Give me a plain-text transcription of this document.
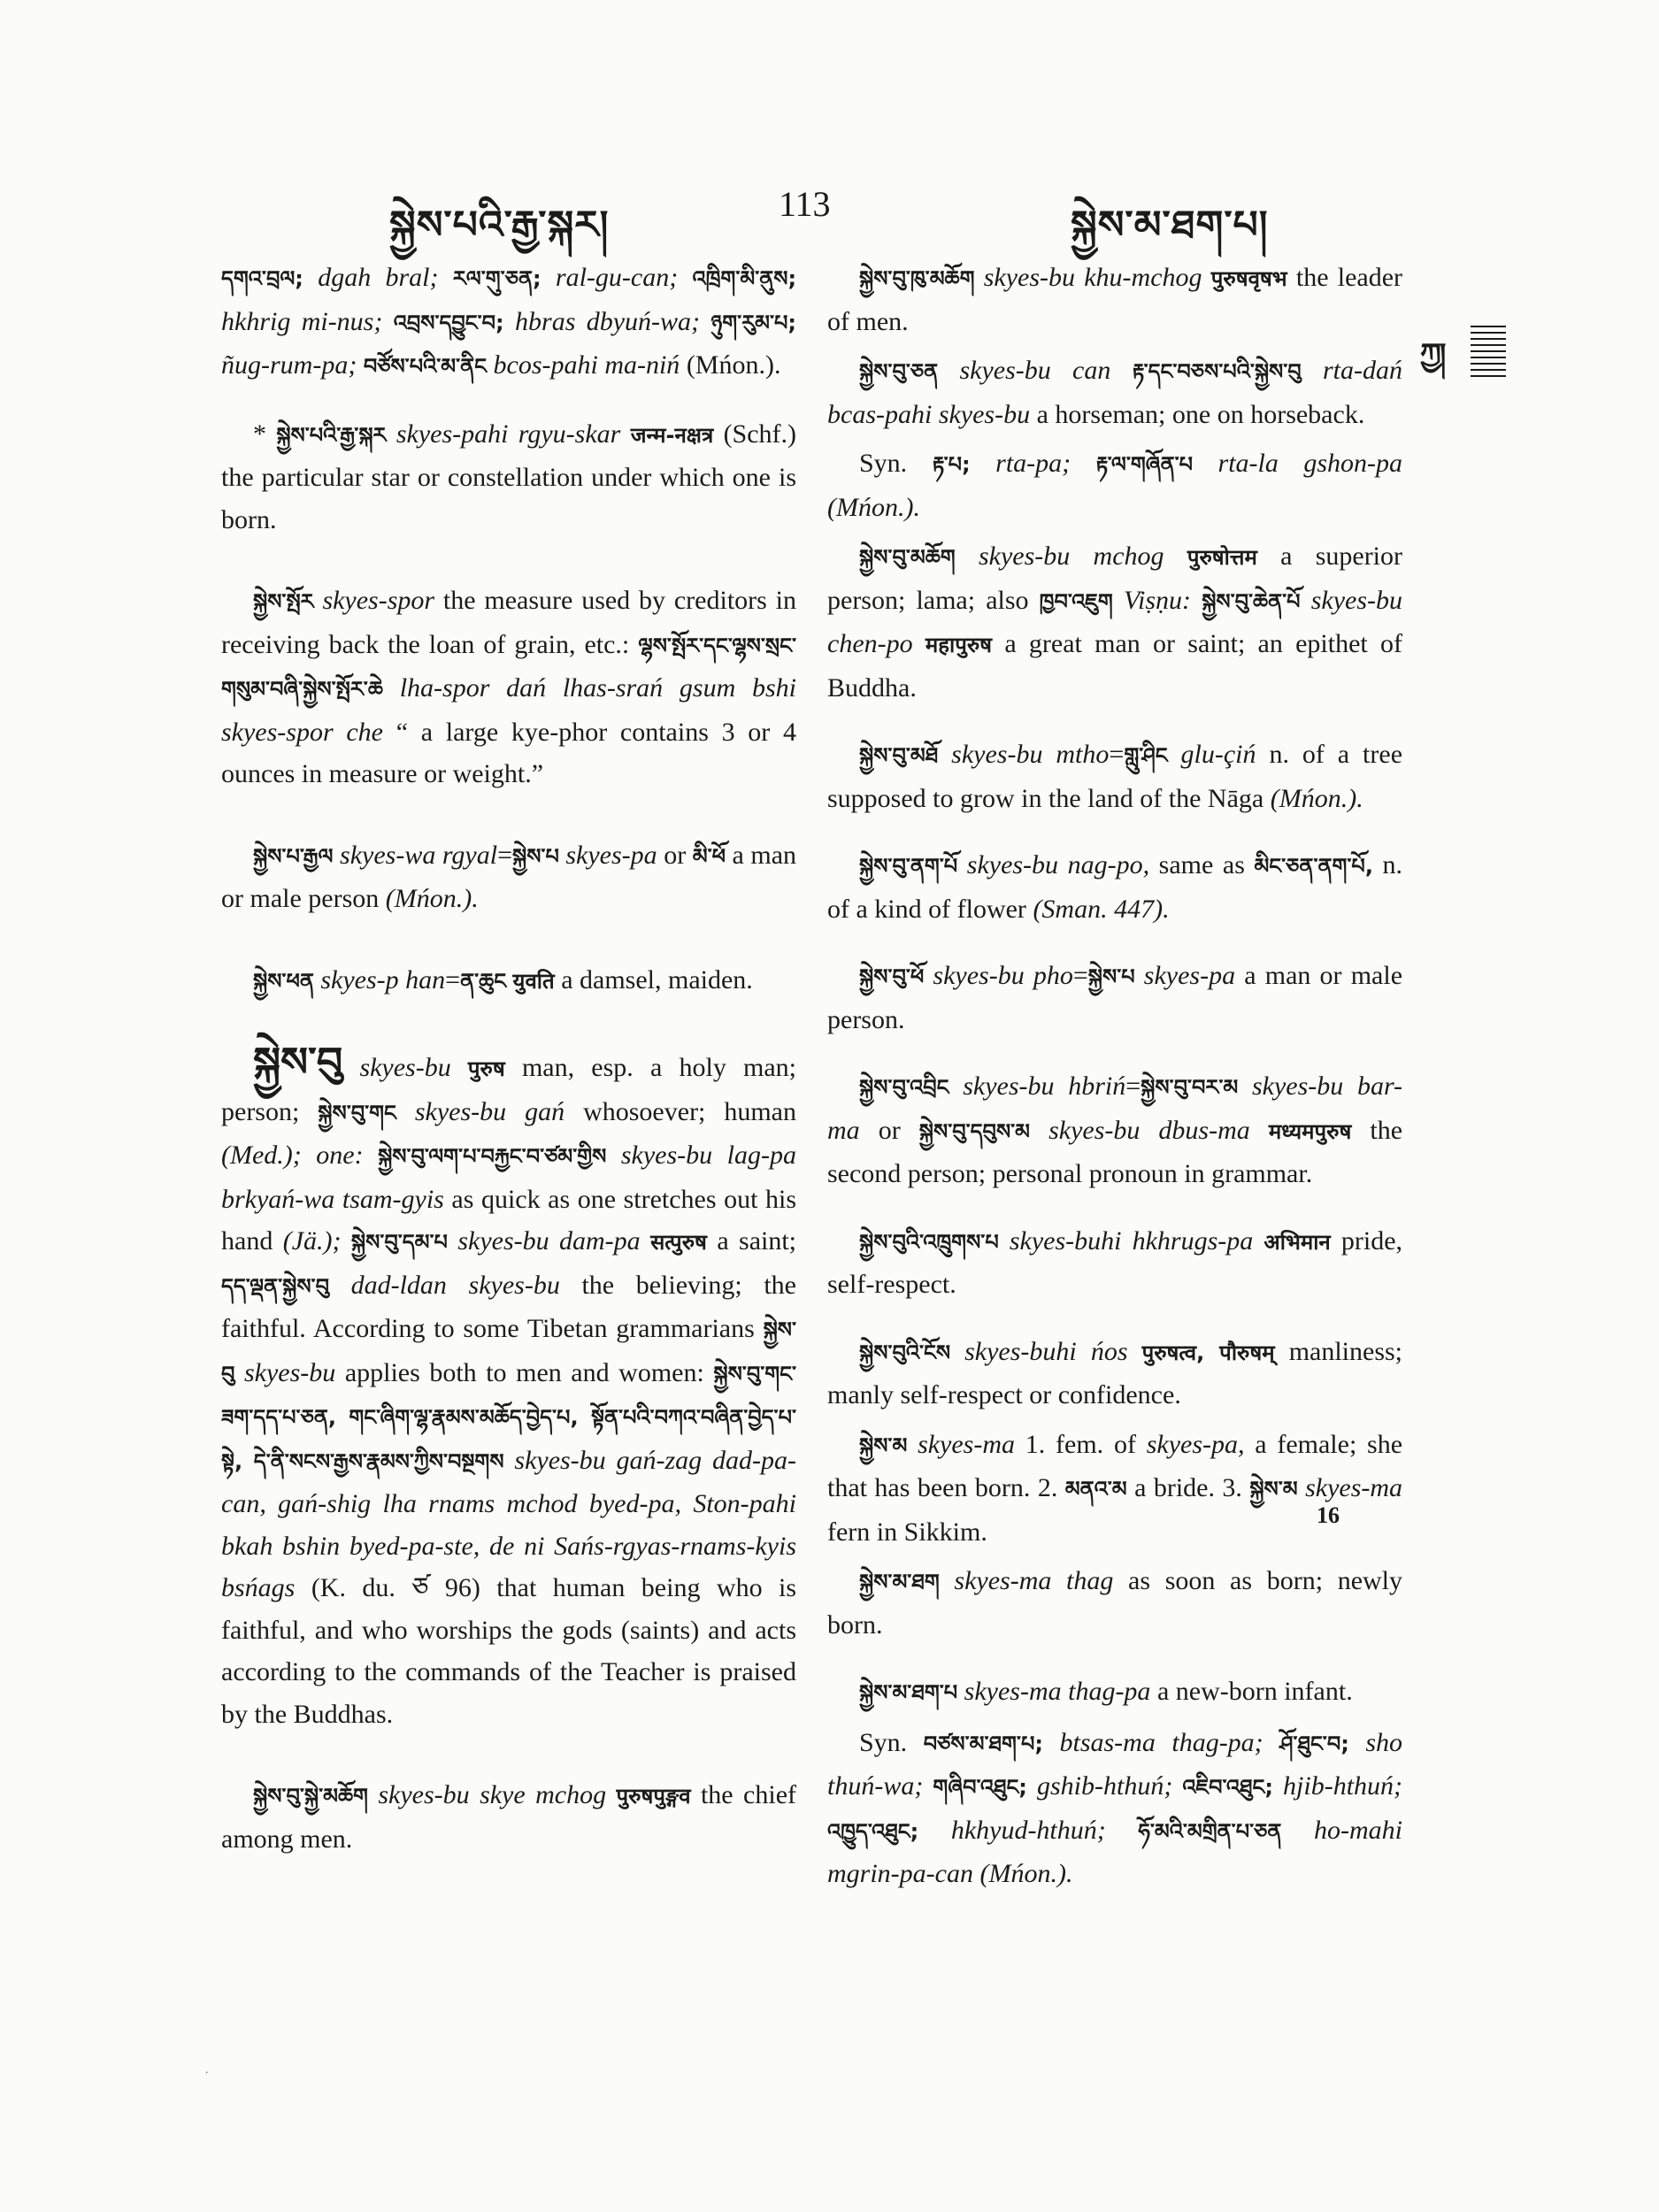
སྐྱེས་པའི་རྒྱ་སྐར།	113	སྐྱེས་མ་ཐག་པ།
ཀྱ།

དགའ་བྲལ; dgah bral; རལ་གུ་ཅན; ral-gu-can; འཁྲིག་མི་ནུས; hkhrig mi-nus; འབྲས་དབྱུང་བ; hbras dbyuń-wa; ཉུག་རུམ་པ; ñug-rum-pa; བཙོས་པའི་མ་ནིང bcos-pahi ma-niń (Mńon.).

* སྐྱེས་པའི་རྒྱ་སྐར skyes-pahi rgyu-skar जन्म-नक्षत्र (Schf.) the particular star or constellation under which one is born.

སྐྱེས་སྤོར skyes-spor the measure used by creditors in receiving back the loan of grain, etc.: ལྷས་སྤོར་དང་ལྷས་སྲང་གསུམ་བཞི་སྐྱེས་སྤོར་ཆེ lha-spor dań lhas-srań gsum bshi skyes-spor che “ a large kye-phor contains 3 or 4 ounces in measure or weight.”

སྐྱེས་པ་རྒྱལ skyes-wa rgyal=སྐྱེས་པ skyes-pa or མི་ཕོ a man or male person (Mńon.).

སྐྱེས་ཕན skyes-p han=ན་ཆུང युवति a damsel, maiden.

སྐྱེས་བུ skyes-bu पुरुष man, esp. a holy man; person; སྐྱེས་བུ་གང skyes-bu gań whosoever; human (Med.); one: སྐྱེས་བུ་ལག་པ་བརྐྱང་བ་ཙམ་གྱིས skyes-bu lag-pa brkyań-wa tsam-gyis as quick as one stretches out his hand (Jä.); སྐྱེས་བུ་དམ་པ skyes-bu dam-pa सत्पुरुष a saint; དད་ལྡན་སྐྱེས་བུ dad-ldan skyes-bu the believing; the faithful. According to some Tibetan grammarians སྐྱེས་བུ skyes-bu applies both to men and women: སྐྱེས་བུ་གང་ཟག་དད་པ་ཅན, གང་ཞིག་ལྷ་རྣམས་མཆོད་བྱེད་པ, སྟོན་པའི་བཀའ་བཞིན་བྱེད་པ་སྟེ, དེ་ནི་སངས་རྒྱས་རྣམས་ཀྱིས་བསྔགས skyes-bu gań-zag dad-pa-can, gań-shig lha rnams mchod byed-pa, Ston-pahi bkah bshin byed-pa-ste, de ni Sańs-rgyas-rnams-kyis bsńags (K. du. ཙ 96) that human being who is faithful, and who worships the gods (saints) and acts according to the commands of the Teacher is praised by the Buddhas.

སྐྱེས་བུ་སྐྱེ་མཆོག skyes-bu skye mchog पुरुषपुङ्गव the chief among men.

སྐྱེས་བུ་ཁུ་མཆོག skyes-bu khu-mchog पुरुषवृषभ the leader of men.

སྐྱེས་བུ་ཅན skyes-bu can རྟ་དང་བཅས་པའི་སྐྱེས་བུ rta-dań bcas-pahi skyes-bu a horseman; one on horseback.

Syn. རྟ་པ; rta-pa; རྟ་ལ་གཞོན་པ rta-la gshon-pa (Mńon.).

སྐྱེས་བུ་མཆོག skyes-bu mchog पुरुषोत्तम a superior person; lama; also ཁྱབ་འཇུག Viṣṇu: སྐྱེས་བུ་ཆེན་པོ skyes-bu chen-po महापुरुष a great man or saint; an epithet of Buddha.

སྐྱེས་བུ་མཐོ skyes-bu mtho=གླུ་ཤིང glu-çiń n. of a tree supposed to grow in the land of the Nāga (Mńon.).

སྐྱེས་བུ་ནག་པོ skyes-bu nag-po, same as མིང་ཅན་ནག་པོ, n. of a kind of flower (Sman. 447).

སྐྱེས་བུ་ཕོ skyes-bu pho=སྐྱེས་པ skyes-pa a man or male person.

སྐྱེས་བུ་འབྲིང skyes-bu hbriń=སྐྱེས་བུ་བར་མ skyes-bu bar-ma or སྐྱེས་བུ་དབུས་མ skyes-bu dbus-ma मध्यमपुरुष the second person; personal pronoun in grammar.

སྐྱེས་བུའི་འཁྲུགས་པ skyes-buhi hkhrugs-pa अभिमान pride, self-respect.

སྐྱེས་བུའི་ངོས skyes-buhi ńos पुरुषत्व, पौरुषम् manliness; manly self-respect or confidence.

སྐྱེས་མ skyes-ma 1. fem. of skyes-pa, a female; she that has been born. 2. མནའ་མ a bride. 3. སྐྱེས་མ skyes-ma fern in Sikkim.

སྐྱེས་མ་ཐག skyes-ma thag as soon as born; newly born.

སྐྱེས་མ་ཐག་པ skyes-ma thag-pa a new-born infant.

Syn. བཙས་མ་ཐག་པ; btsas-ma thag-pa; ཤོ་ཐུང་བ; sho thuń-wa; གཞིབ་འཐུང; gshib-hthuń; འཇིབ་འཐུང; hjib-hthuń; འཁྱུད་འཐུང; hkhyud-hthuń; ཧོ་མའི་མགྲིན་པ་ཅན ho-mahi mgrin-pa-can (Mńon.).

16
.
